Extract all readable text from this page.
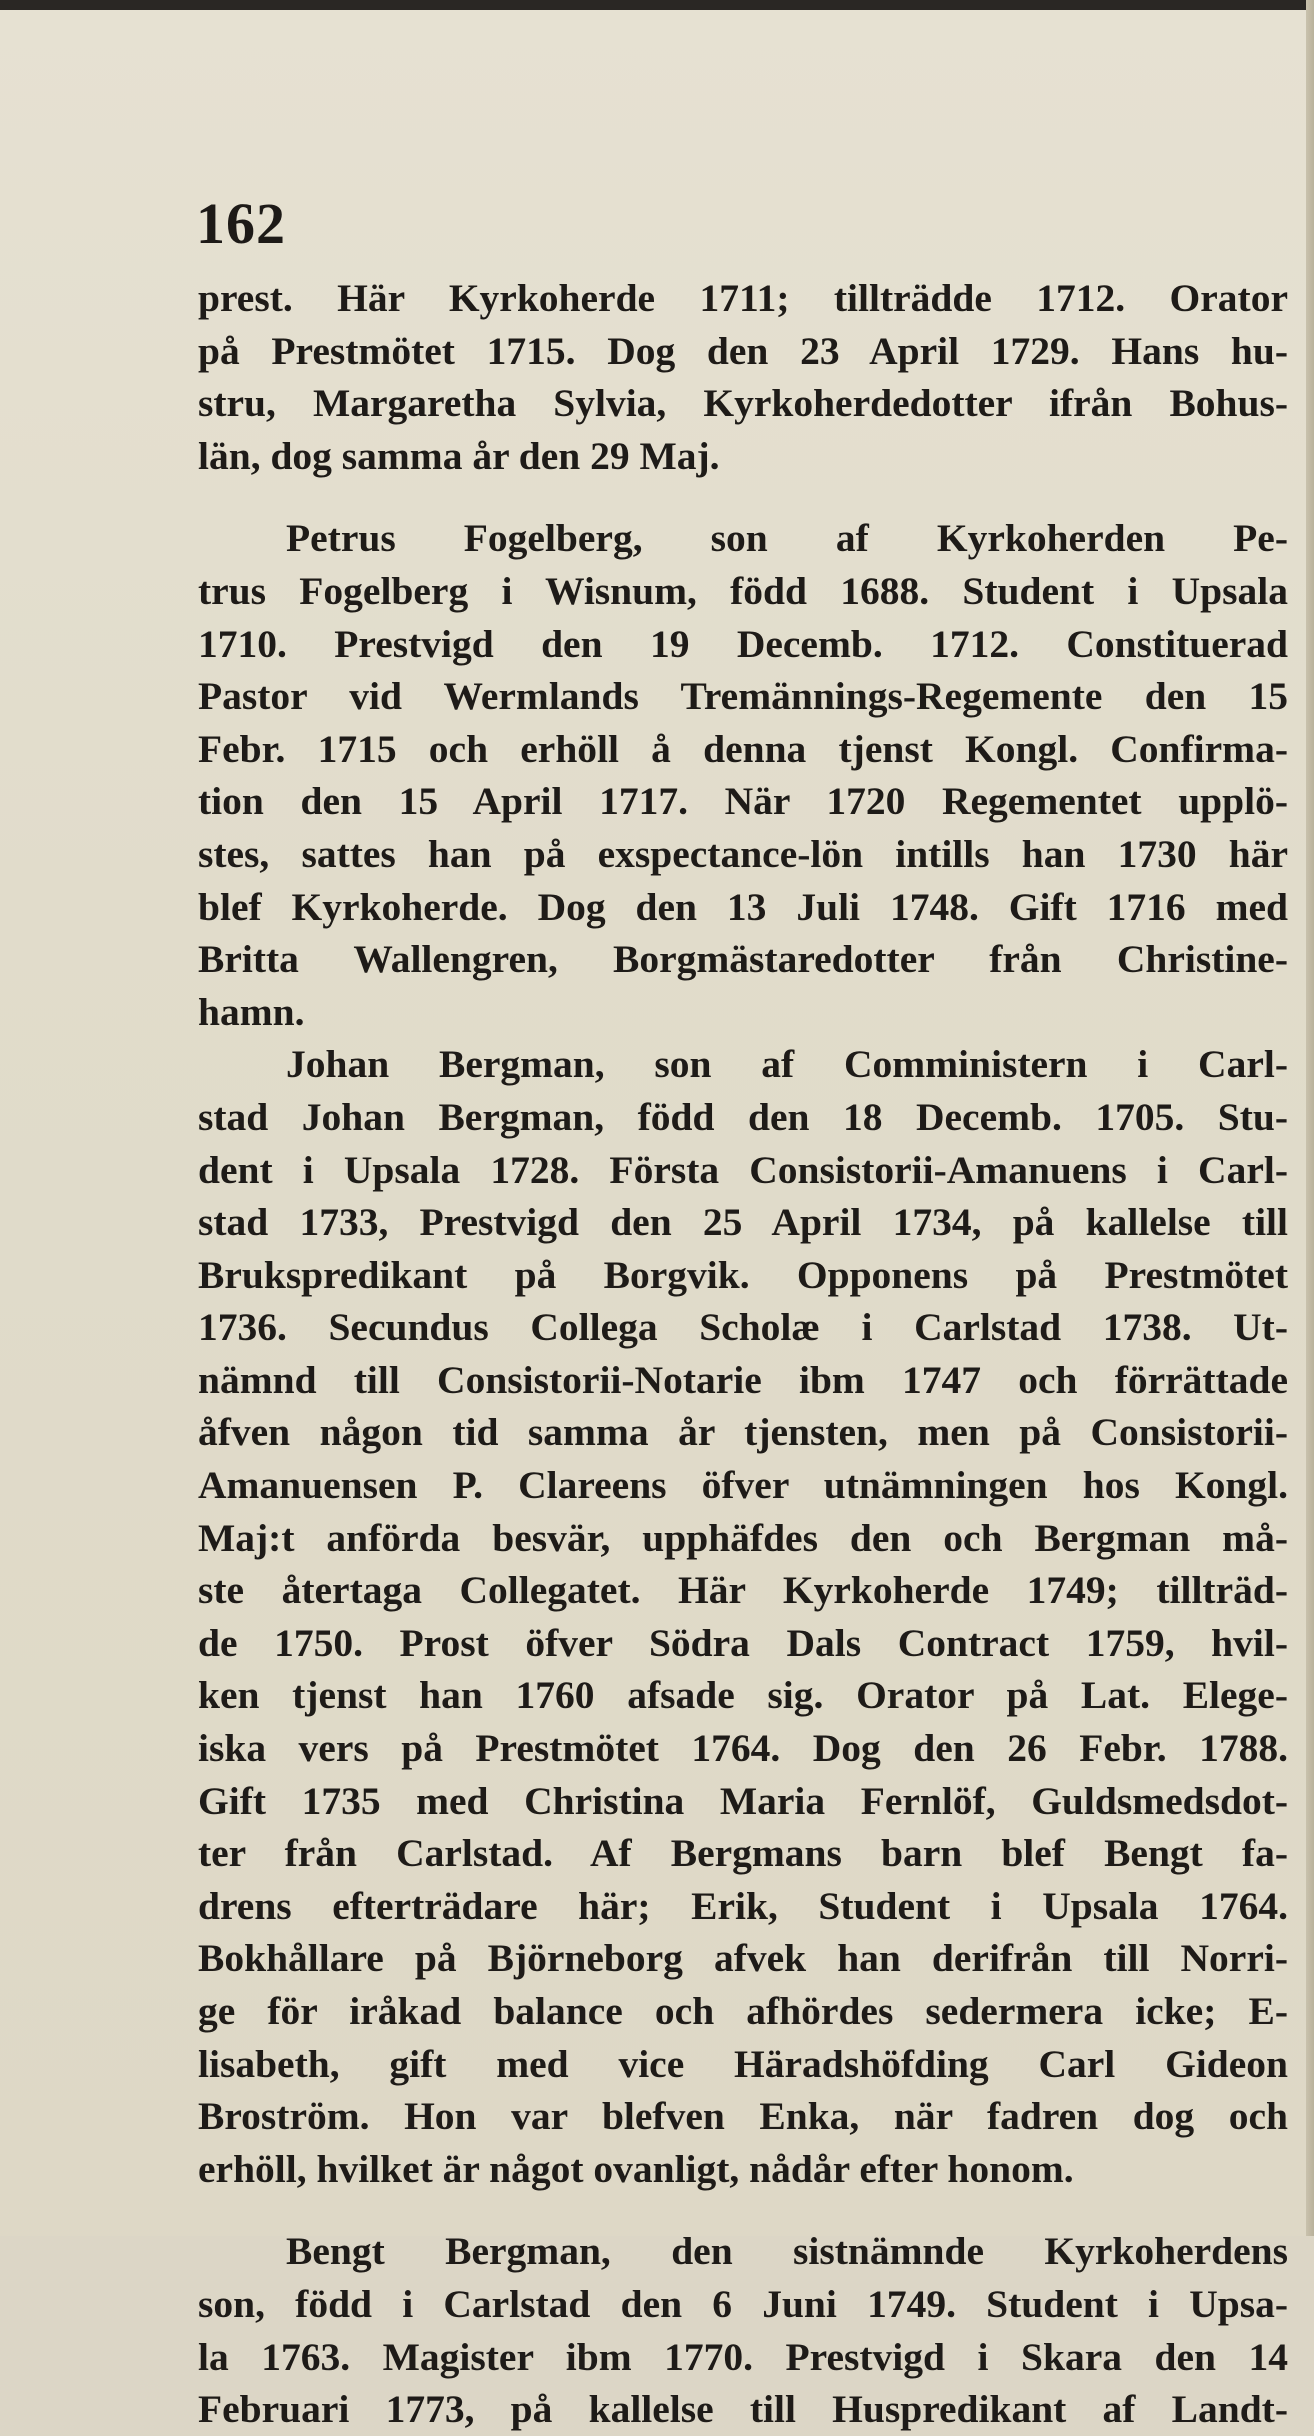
162
prest. Här Kyrkoherde 1711; tillträdde 1712. Orator
på Prestmötet 1715. Dog den 23 April 1729. Hans hu-
stru, Margaretha Sylvia, Kyrkoherdedotter ifrån Bohus-
län, dog samma år den 29 Maj.
Petrus Fogelberg, son af Kyrkoherden Pe-
trus Fogelberg i Wisnum, född 1688. Student i Upsala
1710. Prestvigd den 19 Decemb. 1712. Constituerad
Pastor vid Wermlands Tremännings-Regemente den 15
Febr. 1715 och erhöll å denna tjenst Kongl. Confirma-
tion den 15 April 1717. När 1720 Regementet upplö-
stes, sattes han på exspectance-lön intills han 1730 här
blef Kyrkoherde. Dog den 13 Juli 1748. Gift 1716 med
Britta Wallengren, Borgmästaredotter från Christine-
hamn.
Johan Bergman, son af Comministern i Carl-
stad Johan Bergman, född den 18 Decemb. 1705. Stu-
dent i Upsala 1728. Första Consistorii-Amanuens i Carl-
stad 1733, Prestvigd den 25 April 1734, på kallelse till
Brukspredikant på Borgvik. Opponens på Prestmötet
1736. Secundus Collega Scholæ i Carlstad 1738. Ut-
nämnd till Consistorii-Notarie ibm 1747 och förrättade
åfven någon tid samma år tjensten, men på Consistorii-
Amanuensen P. Clareens öfver utnämningen hos Kongl.
Maj:t anförda besvär, upphäfdes den och Bergman må-
ste återtaga Collegatet. Här Kyrkoherde 1749; tillträd-
de 1750. Prost öfver Södra Dals Contract 1759, hvil-
ken tjenst han 1760 afsade sig. Orator på Lat. Elege-
iska vers på Prestmötet 1764. Dog den 26 Febr. 1788.
Gift 1735 med Christina Maria Fernlöf, Guldsmedsdot-
ter från Carlstad. Af Bergmans barn blef Bengt fa-
drens efterträdare här; Erik, Student i Upsala 1764.
Bokhållare på Björneborg afvek han derifrån till Norri-
ge för iråkad balance och afhördes sedermera icke; E-
lisabeth, gift med vice Häradshöfding Carl Gideon
Broström. Hon var blefven Enka, när fadren dog och
erhöll, hvilket är något ovanligt, nådår efter honom.
Bengt Bergman, den sistnämnde Kyrkoherdens
son, född i Carlstad den 6 Juni 1749. Student i Upsa-
la 1763. Magister ibm 1770. Prestvigd i Skara den 14
Februari 1773, på kallelse till Huspredikant af Landt-
